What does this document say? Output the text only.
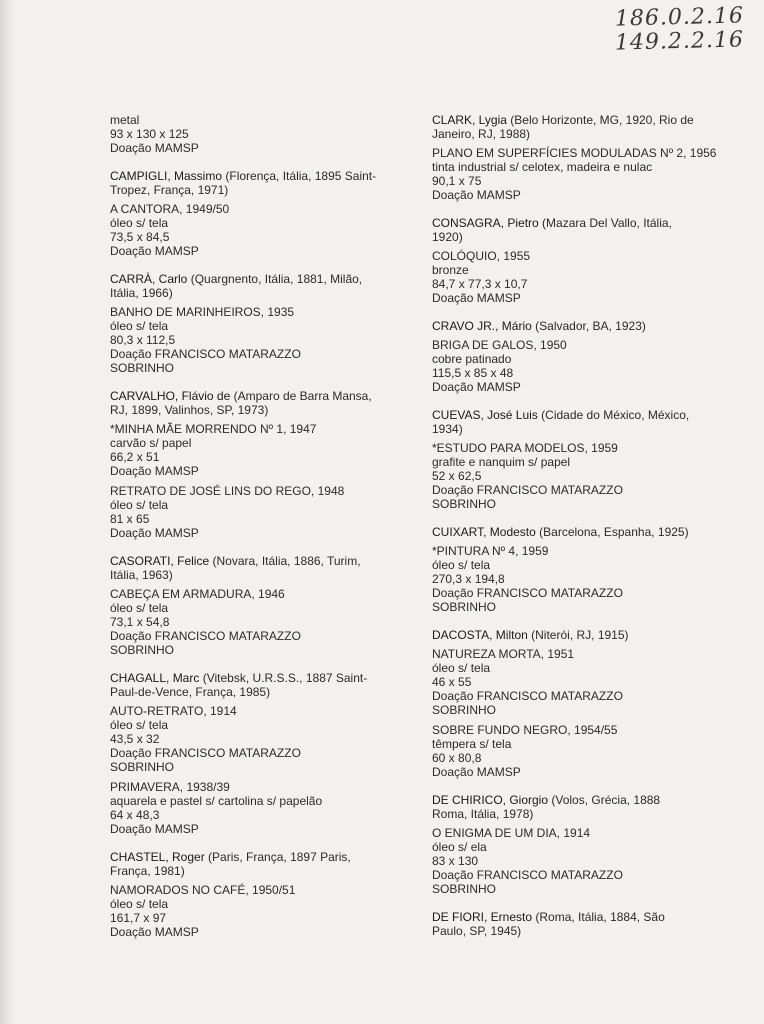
186.0.2.16
149.2.2.16
metal
93 x 130 x 125
Doação MAMSP
CAMPIGLI, Massimo (Florença, Itália, 1895 Saint-Tropez, França, 1971)
A CANTORA, 1949/50
óleo s/ tela
73,5 x 84,5
Doação MAMSP
CARRÀ, Carlo (Quargnento, Itália, 1881, Milão, Itália, 1966)
BANHO DE MARINHEIROS, 1935
óleo s/ tela
80,3 x 112,5
Doação FRANCISCO MATARAZZO
SOBRINHO
CARVALHO, Flávio de (Amparo de Barra Mansa, RJ, 1899, Valinhos, SP, 1973)
*MINHA MÃE MORRENDO Nº 1, 1947
carvão s/ papel
66,2 x 51
Doação MAMSP
RETRATO DE JOSÉ LINS DO REGO, 1948
óleo s/ tela
81 x 65
Doação MAMSP
CASORATI, Felice (Novara, Itália, 1886, Turim, Itália, 1963)
CABEÇA EM ARMADURA, 1946
óleo s/ tela
73,1 x 54,8
Doação FRANCISCO MATARAZZO
SOBRINHO
CHAGALL, Marc (Vitebsk, U.R.S.S., 1887 Saint-Paul-de-Vence, França, 1985)
AUTO-RETRATO, 1914
óleo s/ tela
43,5 x 32
Doação FRANCISCO MATARAZZO
SOBRINHO
PRIMAVERA, 1938/39
aquarela e pastel s/ cartolina s/ papelão
64 x 48,3
Doação MAMSP
CHASTEL, Roger (Paris, França, 1897 Paris, França, 1981)
NAMORADOS NO CAFÉ, 1950/51
óleo s/ tela
161,7 x 97
Doação MAMSP
CLARK, Lygia (Belo Horizonte, MG, 1920, Rio de Janeiro, RJ, 1988)
PLANO EM SUPERFÍCIES MODULADAS Nº 2, 1956
tinta industrial s/ celotex, madeira e nulac
90,1 x 75
Doação MAMSP
CONSAGRA, Pietro (Mazara Del Vallo, Itália, 1920)
COLÓQUIO, 1955
bronze
84,7 x 77,3 x 10,7
Doação MAMSP
CRAVO JR., Mário (Salvador, BA, 1923)
BRIGA DE GALOS, 1950
cobre patinado
115,5 x 85 x 48
Doação MAMSP
CUEVAS, José Luis (Cidade do México, México, 1934)
*ESTUDO PARA MODELOS, 1959
grafite e nanquim s/ papel
52 x 62,5
Doação FRANCISCO MATARAZZO
SOBRINHO
CUIXART, Modesto (Barcelona, Espanha, 1925)
*PINTURA Nº 4, 1959
óleo s/ tela
270,3 x 194,8
Doação FRANCISCO MATARAZZO
SOBRINHO
DACOSTA, Milton (Niterói, RJ, 1915)
NATUREZA MORTA, 1951
óleo s/ tela
46 x 55
Doação FRANCISCO MATARAZZO
SOBRINHO
SOBRE FUNDO NEGRO, 1954/55
têmpera s/ tela
60 x 80,8
Doação MAMSP
DE CHIRICO, Giorgio (Volos, Grécia, 1888 Roma, Itália, 1978)
O ENIGMA DE UM DIA, 1914
óleo s/ ela
83 x 130
Doação FRANCISCO MATARAZZO
SOBRINHO
DE FIORI, Ernesto (Roma, Itália, 1884, São Paulo, SP, 1945)
